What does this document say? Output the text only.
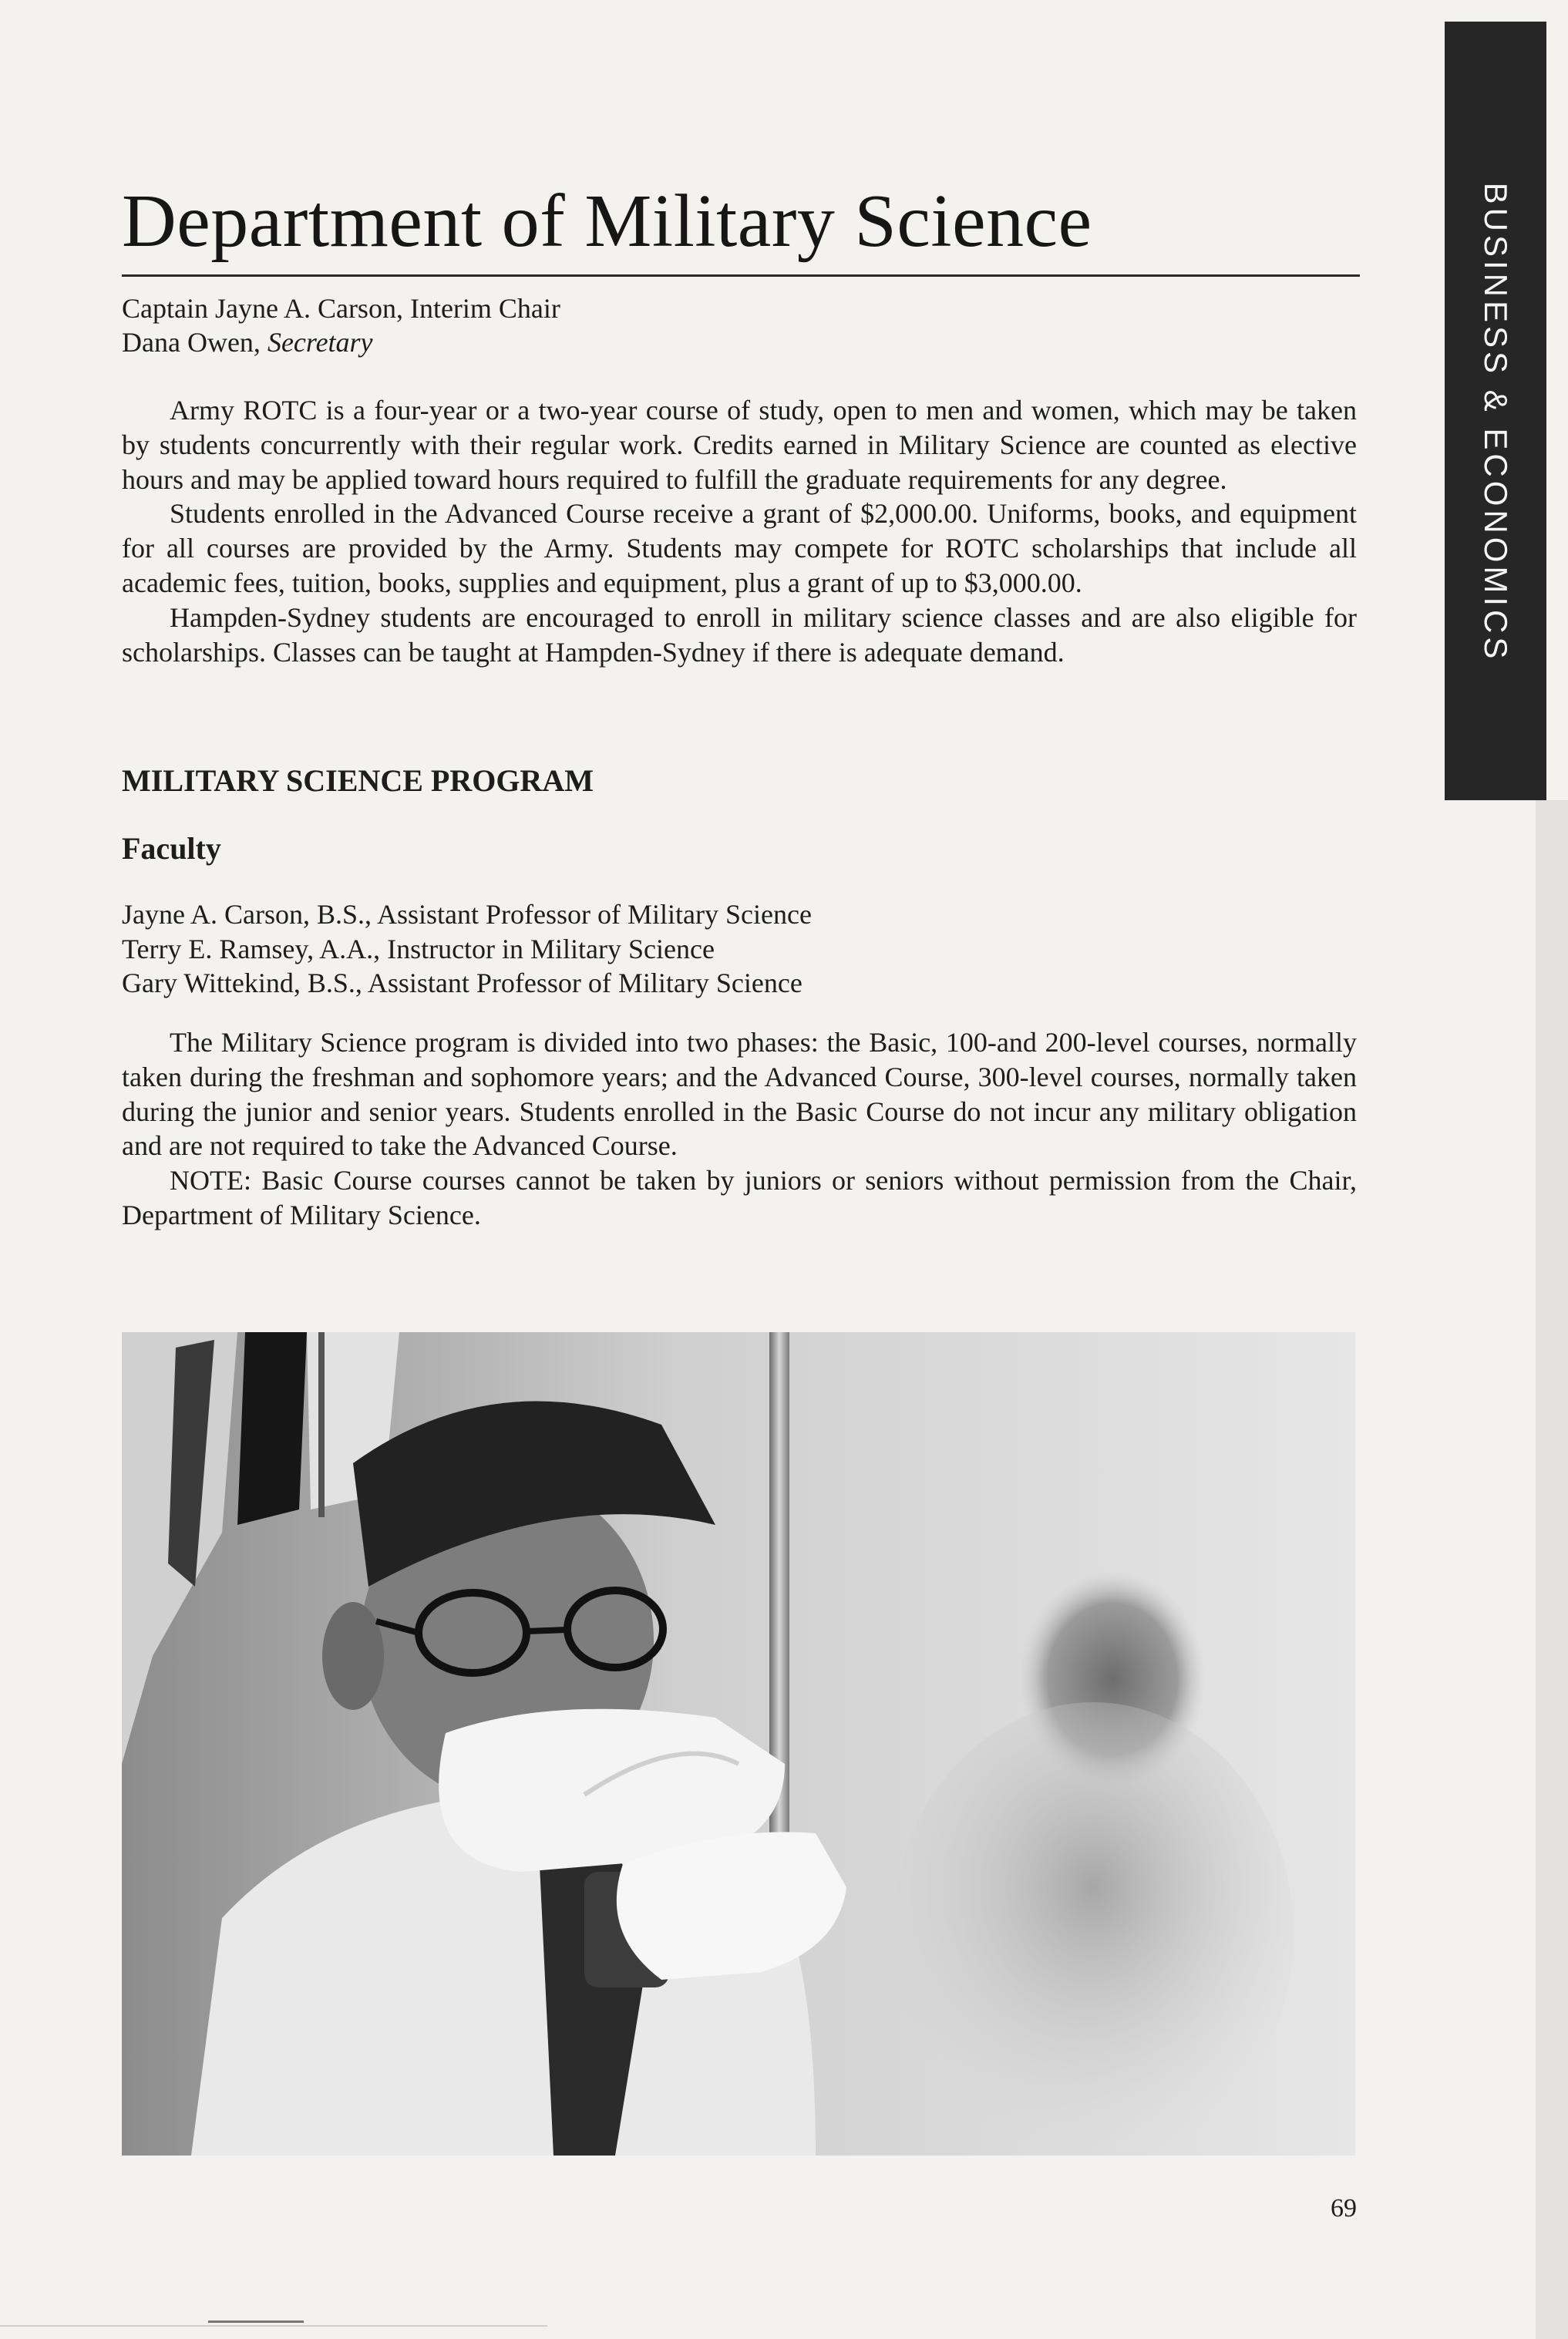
Department of Military Science
Captain Jayne A. Carson, Interim Chair
Dana Owen, Secretary

Army ROTC is a four-year or a two-year course of study, open to men and women, which may be taken by students concurrently with their regular work. Credits earned in Military Science are counted as elective hours and may be applied toward hours required to fulfill the graduate requirements for any degree.

Students enrolled in the Advanced Course receive a grant of $2,000.00. Uniforms, books, and equipment for all courses are provided by the Army. Students may compete for ROTC scholarships that include all academic fees, tuition, books, supplies and equipment, plus a grant of up to $3,000.00.

Hampden-Sydney students are encouraged to enroll in military science classes and are also eligible for scholarships. Classes can be taught at Hampden-Sydney if there is adequate demand.

MILITARY SCIENCE PROGRAM
Faculty
Jayne A. Carson, B.S., Assistant Professor of Military Science
Terry E. Ramsey, A.A., Instructor in Military Science
Gary Wittekind, B.S., Assistant Professor of Military Science

The Military Science program is divided into two phases: the Basic, 100-and 200-level courses, normally taken during the freshman and sophomore years; and the Advanced Course, 300-level courses, normally taken during the junior and senior years. Students enrolled in the Basic Course do not incur any military obligation and are not required to take the Advanced Course.

NOTE: Basic Course courses cannot be taken by juniors or seniors without permission from the Chair, Department of Military Science.

BUSINESS & ECONOMICS
69
